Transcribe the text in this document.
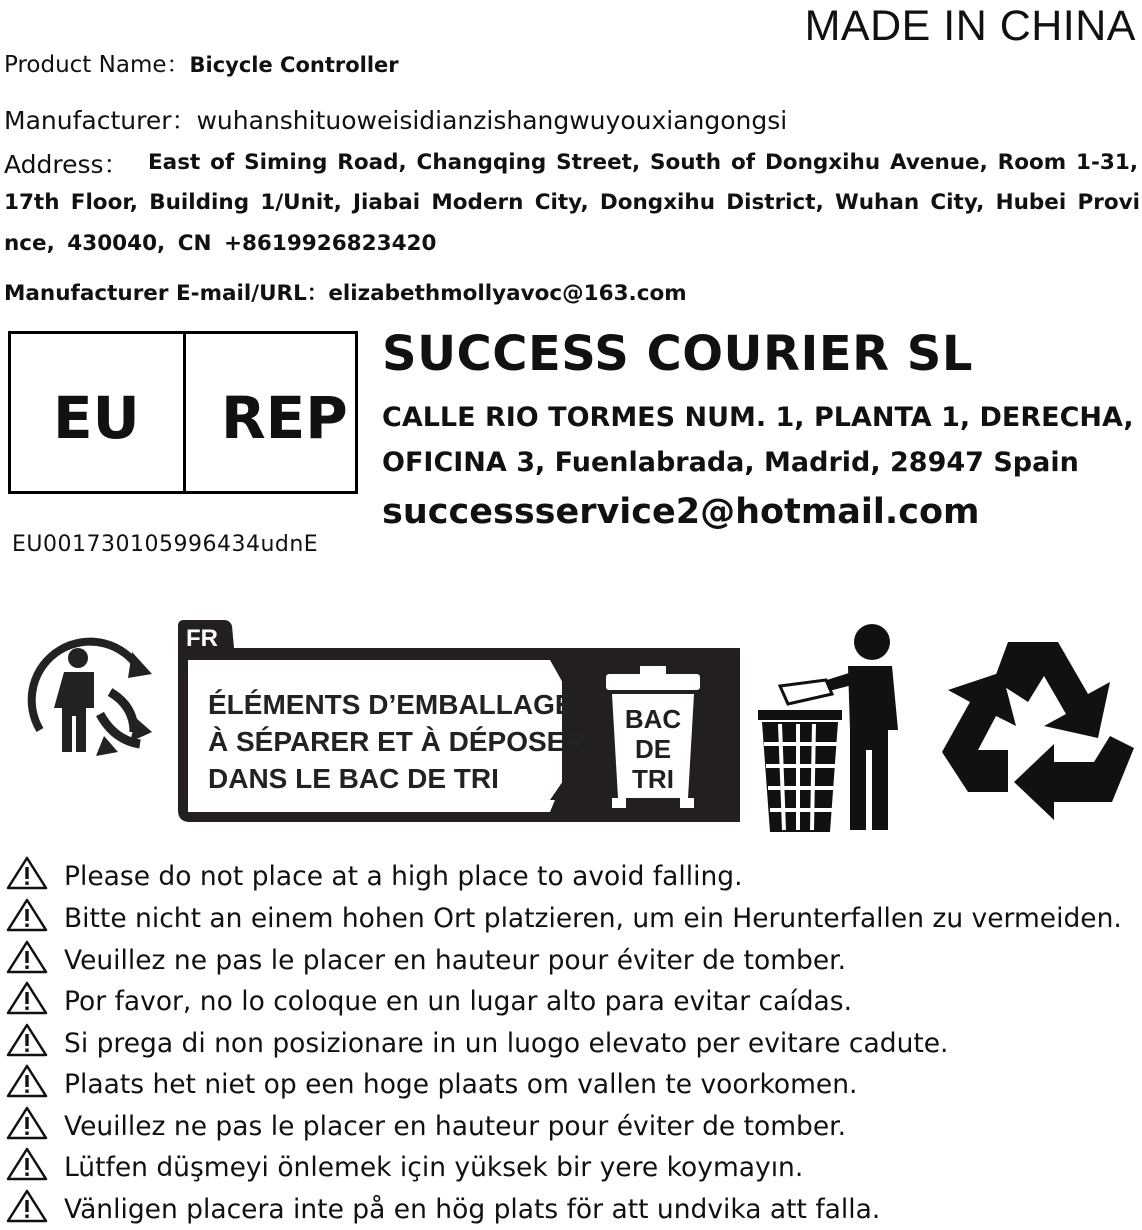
MADE IN CHINA
Product Name：Bicycle Controller
Manufacturer：wuhanshituoweisidianzishangwuyouxiangongsi
Address： East of Siming Road, Changqing Street, South of Dongxihu Avenue, Room 1-31,
17th Floor, Building 1/Unit, Jiabai Modern City, Dongxihu District, Wuhan City, Hubei Provi
nce, 430040, CN +8619926823420
Manufacturer E-mail/URL：elizabethmollyavoc@163.com
EU REP
EU001730105996434udnE
SUCCESS COURIER SL
CALLE RIO TORMES NUM. 1, PLANTA 1, DERECHA,
OFICINA 3, Fuenlabrada, Madrid, 28947 Spain
successservice2@hotmail.com
FR
ÉLÉMENTS D’EMBALLAGE
À SÉPARER ET À DÉPOSER
DANS LE BAC DE TRI
BAC
DE
TRI
Please do not place at a high place to avoid falling.
Bitte nicht an einem hohen Ort platzieren, um ein Herunterfallen zu vermeiden.
Veuillez ne pas le placer en hauteur pour éviter de tomber.
Por favor, no lo coloque en un lugar alto para evitar caídas.
Si prega di non posizionare in un luogo elevato per evitare cadute.
Plaats het niet op een hoge plaats om vallen te voorkomen.
Veuillez ne pas le placer en hauteur pour éviter de tomber.
Lütfen düşmeyi önlemek için yüksek bir yere koymayın.
Vänligen placera inte på en hög plats för att undvika att falla.
